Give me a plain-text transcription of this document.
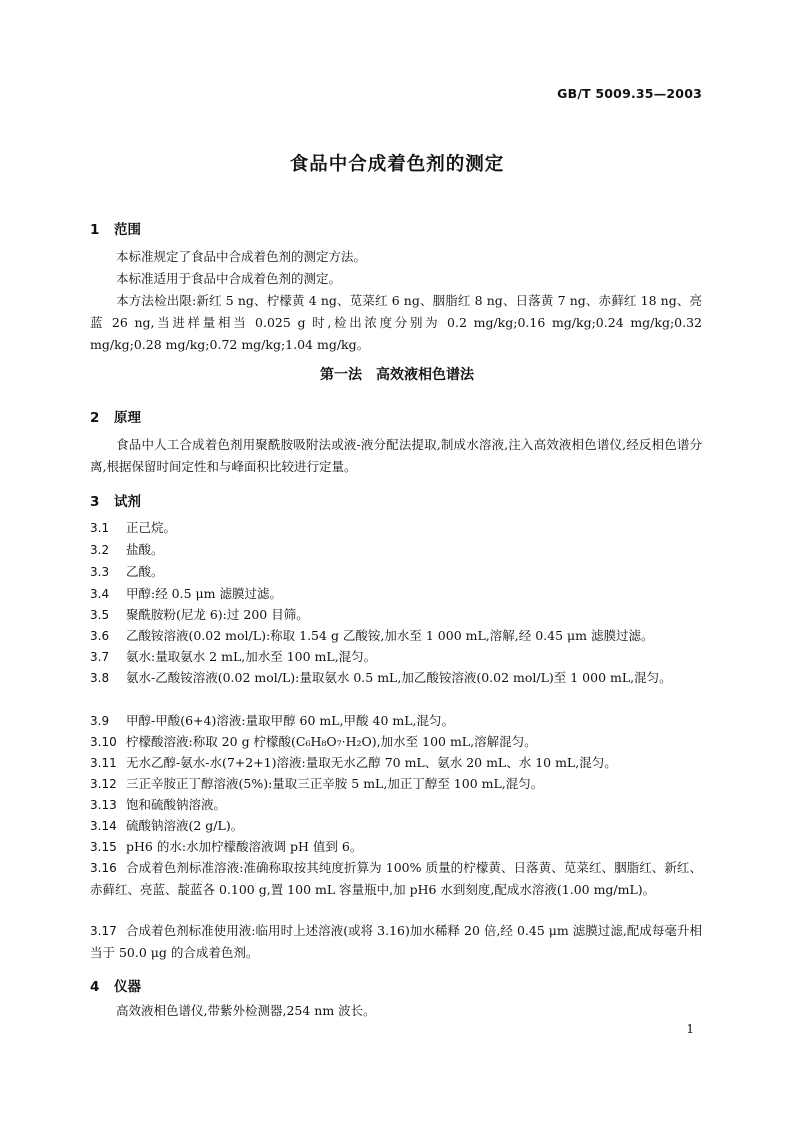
GB/T 5009.35—2003
食品中合成着色剂的测定
1 范围
本标准规定了食品中合成着色剂的测定方法。
本标准适用于食品中合成着色剂的测定。
本方法检出限:新红 5 ng、柠檬黄 4 ng、苋菜红 6 ng、胭脂红 8 ng、日落黄 7 ng、赤藓红 18 ng、亮蓝 26 ng,当进样量相当 0.025 g 时,检出浓度分别为 0.2 mg/kg;0.16 mg/kg;0.24 mg/kg;0.32 mg/kg;0.28 mg/kg;0.72 mg/kg;1.04 mg/kg。
第一法　高效液相色谱法
2 原理
食品中人工合成着色剂用聚酰胺吸附法或液-液分配法提取,制成水溶液,注入高效液相色谱仪,经反相色谱分离,根据保留时间定性和与峰面积比较进行定量。
3 试剂
3.1 正己烷。
3.2 盐酸。
3.3 乙酸。
3.4 甲醇:经 0.5 μm 滤膜过滤。
3.5 聚酰胺粉(尼龙 6):过 200 目筛。
3.6 乙酸铵溶液(0.02 mol/L):称取 1.54 g 乙酸铵,加水至 1 000 mL,溶解,经 0.45 μm 滤膜过滤。
3.7 氨水:量取氨水 2 mL,加水至 100 mL,混匀。
3.8 氨水-乙酸铵溶液(0.02 mol/L):量取氨水 0.5 mL,加乙酸铵溶液(0.02 mol/L)至 1 000 mL,混匀。
3.9 甲醇-甲酸(6+4)溶液:量取甲醇 60 mL,甲酸 40 mL,混匀。
3.10 柠檬酸溶液:称取 20 g 柠檬酸(C₆H₈O₇·H₂O),加水至 100 mL,溶解混匀。
3.11 无水乙醇-氨水-水(7+2+1)溶液:量取无水乙醇 70 mL、氨水 20 mL、水 10 mL,混匀。
3.12 三正辛胺正丁醇溶液(5%):量取三正辛胺 5 mL,加正丁醇至 100 mL,混匀。
3.13 饱和硫酸钠溶液。
3.14 硫酸钠溶液(2 g/L)。
3.15 pH6 的水:水加柠檬酸溶液调 pH 值到 6。
3.16 合成着色剂标准溶液:准确称取按其纯度折算为 100% 质量的柠檬黄、日落黄、苋菜红、胭脂红、新红、赤藓红、亮蓝、靛蓝各 0.100 g,置 100 mL 容量瓶中,加 pH6 水到刻度,配成水溶液(1.00 mg/mL)。
3.17 合成着色剂标准使用液:临用时上述溶液(或将 3.16)加水稀释 20 倍,经 0.45 μm 滤膜过滤,配成每毫升相当于 50.0 μg 的合成着色剂。
4 仪器
高效液相色谱仪,带紫外检测器,254 nm 波长。
1
